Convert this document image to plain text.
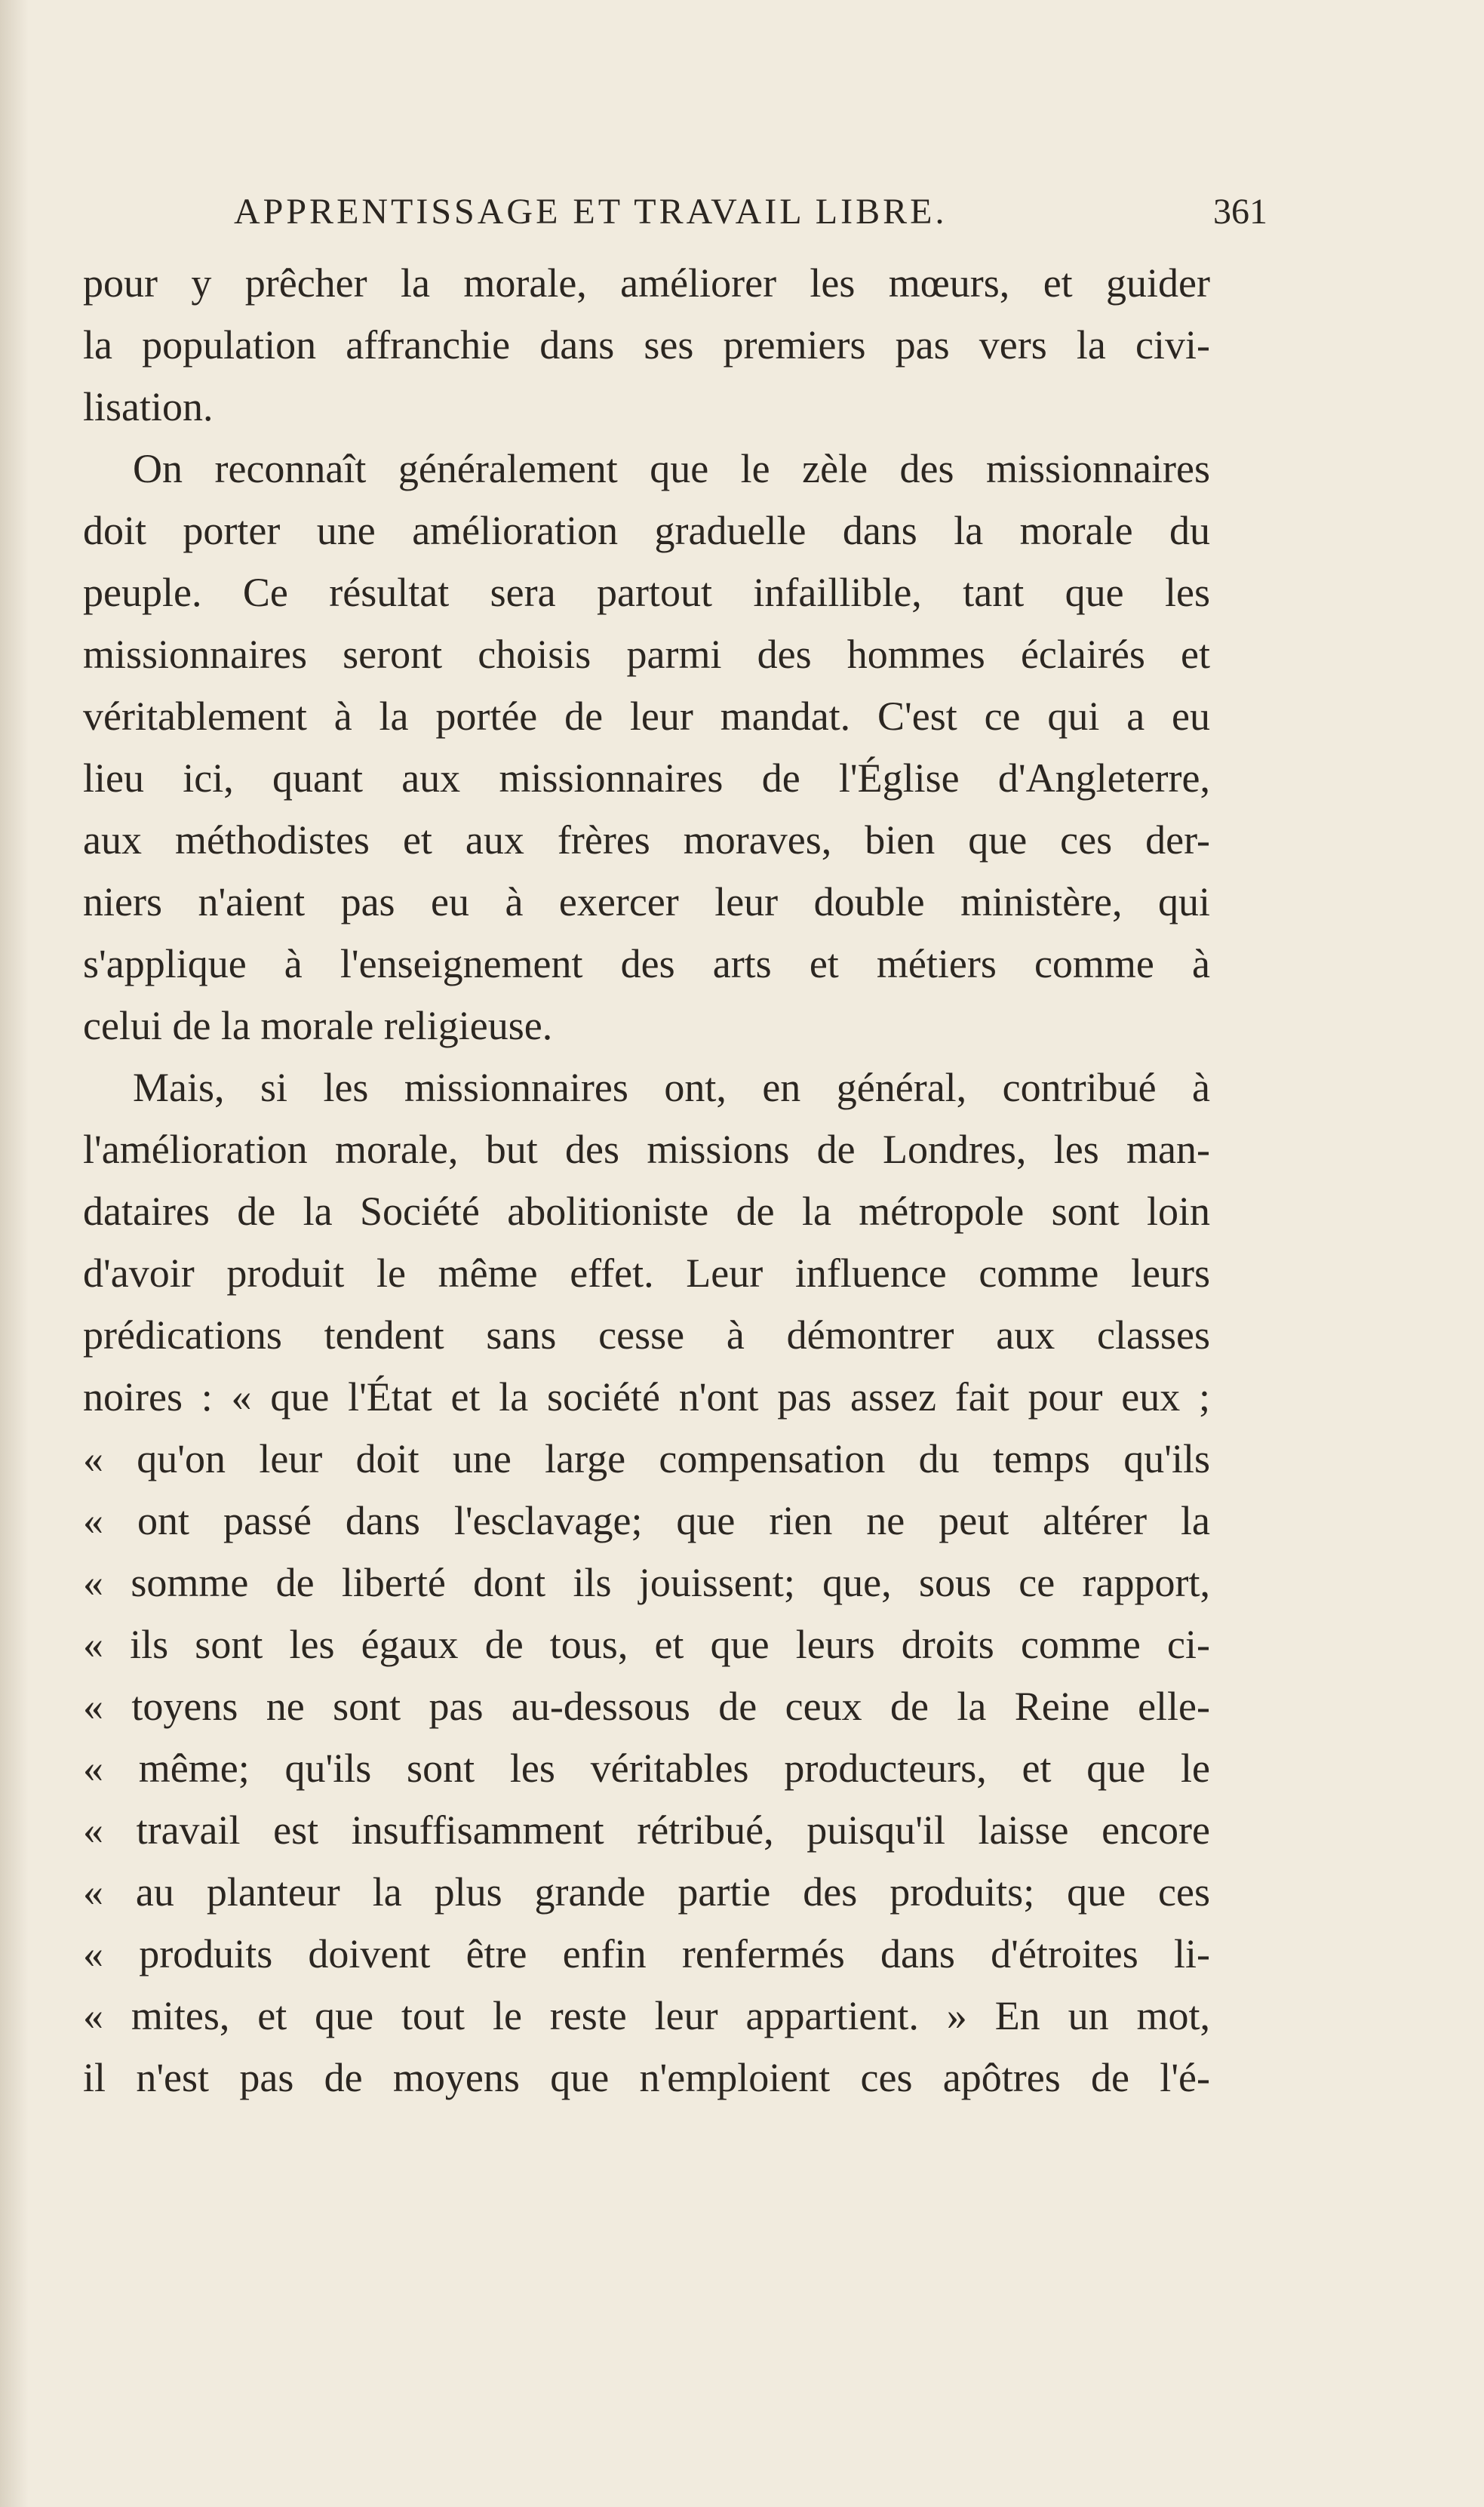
APPRENTISSAGE ET TRAVAIL LIBRE.	361
pour y prêcher la morale, améliorer les mœurs, et guider
la population affranchie dans ses premiers pas vers la civi-
lisation.
On reconnaît généralement que le zèle des missionnaires
doit porter une amélioration graduelle dans la morale du
peuple. Ce résultat sera partout infaillible, tant que les
missionnaires seront choisis parmi des hommes éclairés et
véritablement à la portée de leur mandat. C'est ce qui a eu
lieu ici, quant aux missionnaires de l'Église d'Angleterre,
aux méthodistes et aux frères moraves, bien que ces der-
niers n'aient pas eu à exercer leur double ministère, qui
s'applique à l'enseignement des arts et métiers comme à
celui de la morale religieuse.
Mais, si les missionnaires ont, en général, contribué à
l'amélioration morale, but des missions de Londres, les man-
dataires de la Société abolitioniste de la métropole sont loin
d'avoir produit le même effet. Leur influence comme leurs
prédications tendent sans cesse à démontrer aux classes
noires : « que l'État et la société n'ont pas assez fait pour eux ;
« qu'on leur doit une large compensation du temps qu'ils
« ont passé dans l'esclavage; que rien ne peut altérer la
« somme de liberté dont ils jouissent; que, sous ce rapport,
« ils sont les égaux de tous, et que leurs droits comme ci-
« toyens ne sont pas au-dessous de ceux de la Reine elle-
« même; qu'ils sont les véritables producteurs, et que le
« travail est insuffisamment rétribué, puisqu'il laisse encore
« au planteur la plus grande partie des produits; que ces
« produits doivent être enfin renfermés dans d'étroites li-
« mites, et que tout le reste leur appartient. » En un mot,
il n'est pas de moyens que n'emploient ces apôtres de l'é-
